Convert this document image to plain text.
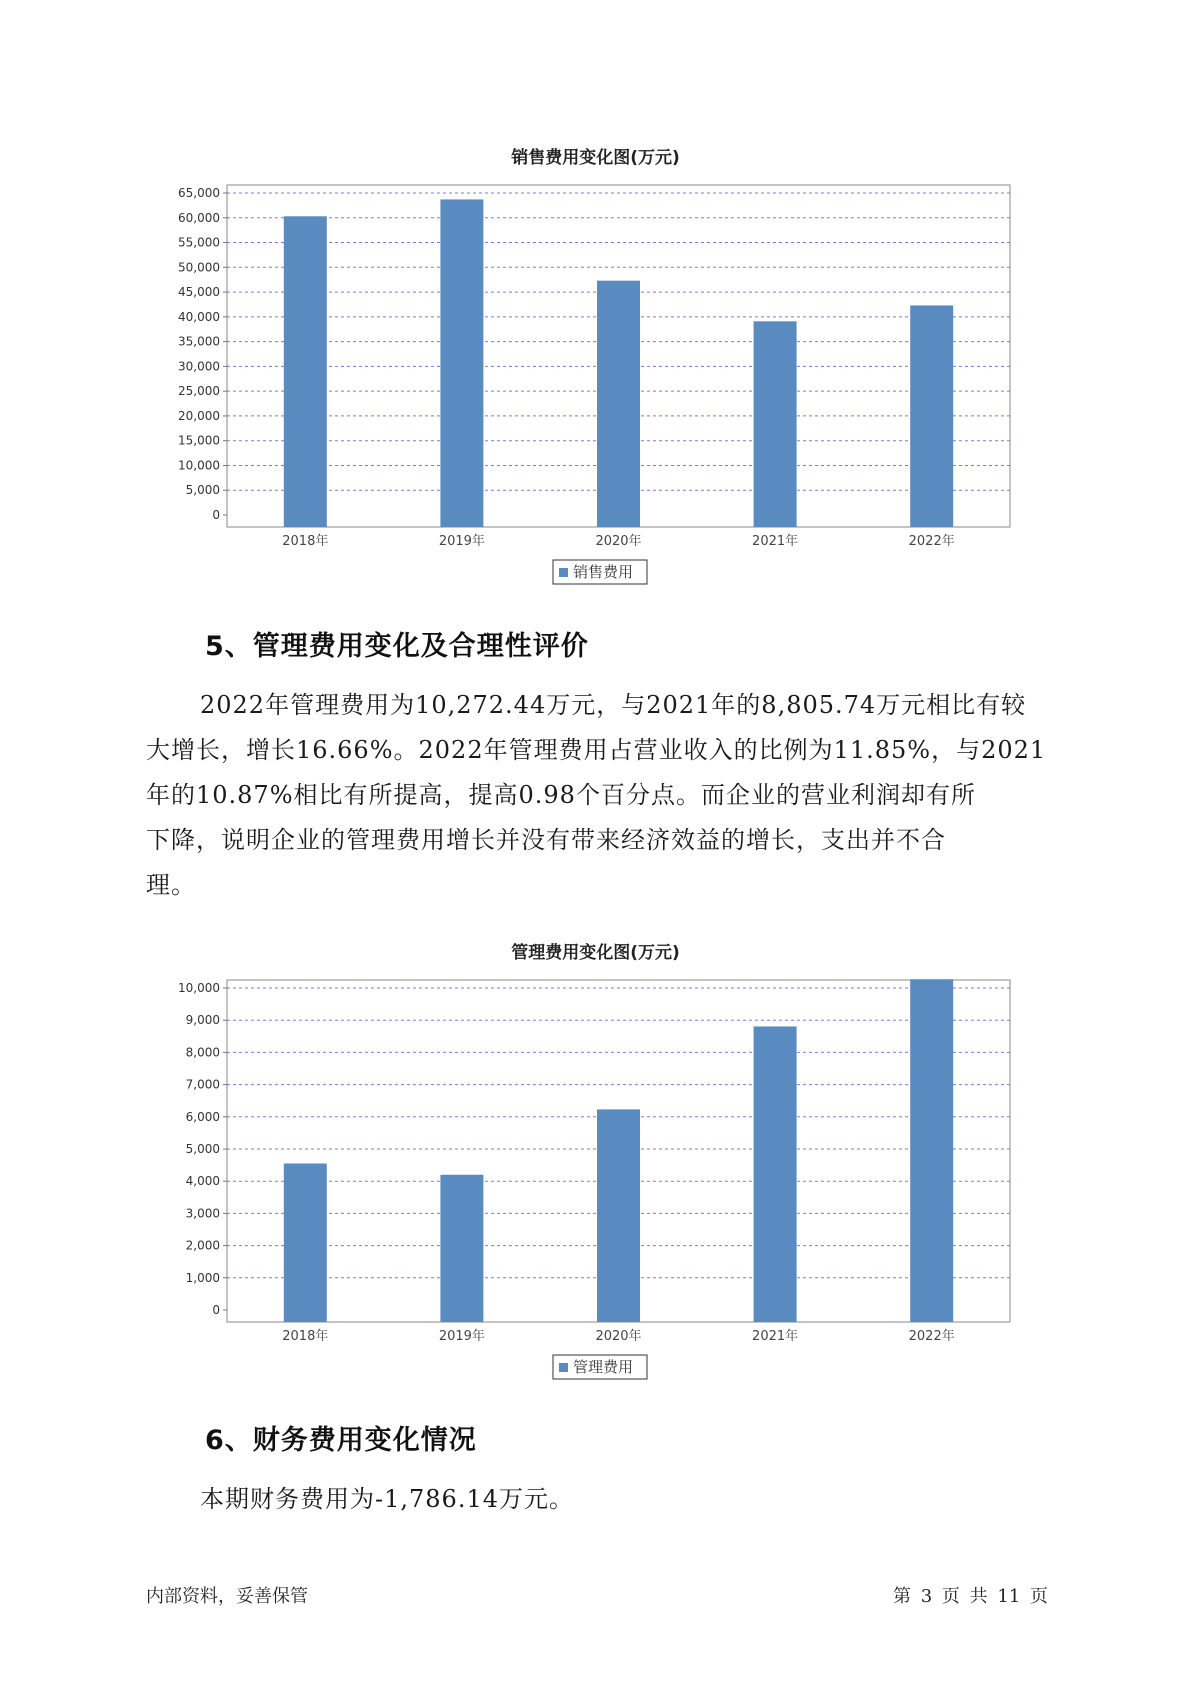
销售费用变化图(万元)
0
5,000
10,000
15,000
20,000
25,000
30,000
35,000
40,000
45,000
50,000
55,000
60,000
65,000
2018年	2019年	2020年	2021年	2022年
销售费用
5、管理费用变化及合理性评价
2022年管理费用为10,272.44万元，与2021年的8,805.74万元相比有较
大增长，增长16.66%。2022年管理费用占营业收入的比例为11.85%，与2021
年的10.87%相比有所提高，提高0.98个百分点。而企业的营业利润却有所
下降，说明企业的管理费用增长并没有带来经济效益的增长，支出并不合
理。
管理费用变化图(万元)
0
1,000
2,000
3,000
4,000
5,000
6,000
7,000
8,000
9,000
10,000
2018年	2019年	2020年	2021年	2022年
管理费用
6、财务费用变化情况
本期财务费用为-1,786.14万元。
内部资料，妥善保管	第 3 页 共 11 页
